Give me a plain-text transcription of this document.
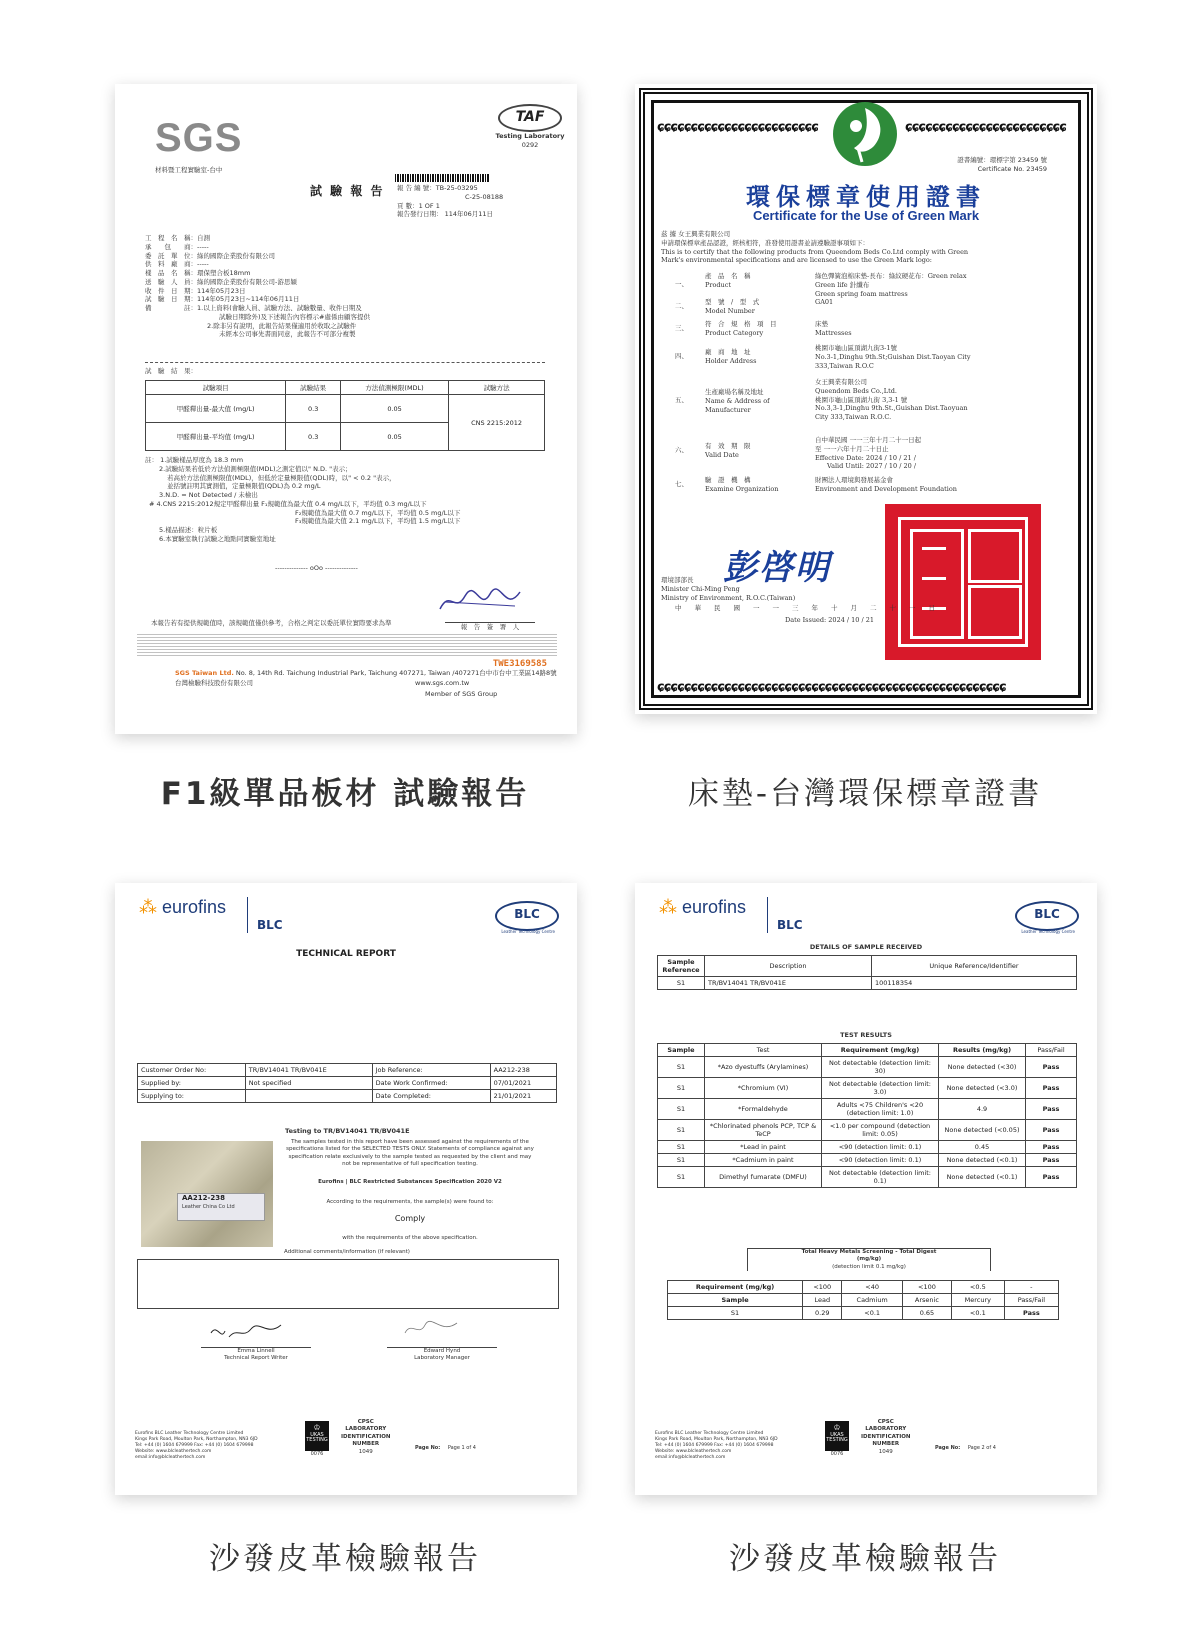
SGS	TAF
Testing Laboratory
0292
材料暨工程實驗室-台中
試 驗 報 告 報 告 編 號：TB-25-03295
C-25-08188
頁 數：1 OF 1
報告發行日期： 114年06月11日
工　程　名　稱：自測
承　　包　　商：-----
委　託　單　位：綠的國際企業股份有限公司
供　料　廠　商：-----
樣　品　名　稱：環保塑合板18mm
送　驗　人　員：綠的國際企業股份有限公司-游思穎
收　件　日　期：114年05月23日
試　驗　日　期：114年05月23日~114年06月11日
備　　　　　註：1.以上資料(會驗人員、試驗方法、試驗數量、收件日期及
試驗日期除外)及下述報告內容標示#處係由顧客提供
2.除非另有說明，此報告結果僅適用於收取之試驗件
未經本公司事先書面同意，此報告不可部分複製
試　驗　結　果：
試驗項目	試驗結果	方法偵測極限(MDL)	試驗方法
甲醛釋出量-最大值 (mg/L)	0.3	0.05	CNS 2215:2012
甲醛釋出量-平均值 (mg/L)	0.3	0.05	
註： 1.試驗樣品厚度為 18.3 mm
2.試驗結果若低於方法偵測極限值(MDL)之測定值以" N.D. "表示；
若高於方法偵測極限值(MDL)，但低於定量極限值(QDL)時，以" < 0.2 "表示，
並括號註明其實測值，定量極限值(QDL)為 0.2 mg/L
3.N.D. = Not Detected / 未檢出
# 4.CNS 2215:2012規定甲醛釋出量 F₁規範值為最大值 0.4 mg/L以下，平均值 0.3 mg/L以下
F₂規範值為最大值 0.7 mg/L以下，平均值 0.5 mg/L以下
F₃規範值為最大值 2.1 mg/L以下，平均值 1.5 mg/L以下
5.樣品描述：粒片板
6.本實驗室執行試驗之地點同實驗室地址
-------------- oOo --------------
報　告　簽　署　人
本報告若有提供規範值時，該規範值僅供參考，合格之判定以委託單位實際要求為準
TWE3169585
SGS Taiwan Ltd. No. 8, 14th Rd. Taichung Industrial Park, Taichung 407271, Taiwan /407271台中市台中工業區14路8號
台灣檢驗科技股份有限公司	www.sgs.com.tw
Member of SGS Group
F1級單品板材 試驗報告
ɕɕɕɕɕɕɕɕɕɕɕɕɕɕɕɕɕɕɕɕɕɕɕɕ	ɕɕɕɕɕɕɕɕɕɕɕɕɕɕɕɕɕɕɕɕɕɕɕɕ
ɕɕɕɕɕɕɕɕɕɕɕɕɕɕɕɕɕɕɕɕɕɕɕɕɕɕɕɕɕɕɕɕɕɕɕɕɕɕɕɕɕɕɕɕɕɕɕɕɕɕɕɕ
證書編號：環標字第 23459 號
Certificate No. 23459
環保標章使用證書
Certificate for the Use of Green Mark
茲 據 女王興業有限公司
申請環保標章產品認證，經核相符，准發使用證書並請遵驗證事項如下：
This is to certify that the following products from Queendom Beds Co.Ltd comply with Green
Mark's environmental specifications and are licensed to use the Green Mark logo:
一、
產　品　名　稱
Product
綠色彈簧泡棉床墊-長布：綠紋硬花布：Green relax
Green life 針纖布
Green spring foam mattress
二、	型　號　/　型　式
Model Number
GA01
三、	符　合　規　格　項　目
Product Category
床墊
Mattresses
四、	廠　商　地　址
Holder Address
桃園市龜山區頂湖九街3-1號
No.3-1,Dinghu 9th.St;Guishan Dist.Taoyan City
333,Taiwan R.O.C
五、
生產廠場名稱及地址
Name & Address of Manufacturer
女王興業有限公司
Queendom Beds Co.,Ltd.
桃園市龜山區頂湖九街 3,3-1 號
No.3,3-1,Dinghu 9th.St.,Guishan Dist.Taoyuan
City 333,Taiwan R.O.C.
六、	有　效　期　限
Valid Date
自中華民國 一一三年十月二十一日起
至 一一六年十月二十日止
Effective Date: 2024 / 10 / 21 /
Valid Until: 2027 / 10 / 20 /
七、	驗　證　機　構
Examine Organization
財團法人環境與發展基金會
Environment and Development Foundation
彭啓明
環境部部長
Minister Chi-Ming Peng
Ministry of Environment, R.O.C.(Taiwan)
中　　華　　民　　國　　一　　一　　三　　年　　十　　月　　二　　十　　一　　日
Date Issued: 2024 / 10 / 21
床墊-台灣環保標章證書
⁂ eurofins
BLC
BLC
Leather Technology Centre
TECHNICAL REPORT
Customer Order No:	TR/BV14041 TR/BV041E	Job Reference:	AA212-238
Supplied by:	Not specified	Date Work Confirmed:	07/01/2021
Supplying to:		Date Completed:	21/01/2021
Testing to TR/BV14041 TR/BV041E
AA212-238
Leather China Co Ltd
The samples tested in this report have been assessed against the requirements of the specifications listed for the SELECTED TESTS ONLY. Statements of compliance against any specification relate exclusively to the sample tested as requested by the client and may not be representative of full specification testing.
Eurofins | BLC Restricted Substances Specification 2020 V2
According to the requirements, the sample(s) were found to:
Comply
with the requirements of the above specification.
Additional comments/information (if relevant)
Emma Linnell
Technical Report Writer
Edward Hynd
Laboratory Manager
Eurofins BLC Leather Technology Centre Limited
Kings Park Road, Moulton Park, Northampton, NN3 6JD
Tel: +44 (0) 1604 679999 Fax: +44 (0) 1604 679998
Website: www.blcleathertech.com
email:info@blcleathertech.com
♔
UKAS
TESTING
0076
CPSC
LABORATORY
IDENTIFICATION
NUMBER
1049
Page No: Page 1 of 4
沙發皮革檢驗報告
⁂ eurofins
BLC
BLC
Leather Technology Centre
DETAILS OF SAMPLE RECEIVED
Sample Reference	Description	Unique Reference/Identifier
S1	TR/BV14041 TR/BV041E	100118354
TEST RESULTS
Sample	Test	Requirement (mg/kg)	Results (mg/kg)	Pass/Fail
S1	*Azo dyestuffs (Arylamines)	Not detectable (detection limit: 30)	None detected (<30)	Pass
S1	*Chromium (VI)	Not detectable (detection limit: 3.0)	None detected (<3.0)	Pass
S1	*Formaldehyde	Adults <75 Children's <20 (detection limit: 1.0)	4.9	Pass
S1	*Chlorinated phenols PCP, TCP & TeCP	<1.0 per compound (detection limit: 0.05)	None detected (<0.05)	Pass
S1	*Lead in paint	<90 (detection limit: 0.1)	0.45	Pass
S1	*Cadmium in paint	<90 (detection limit: 0.1)	None detected (<0.1)	Pass
S1	Dimethyl fumarate (DMFU)	Not detectable (detection limit: 0.1)	None detected (<0.1)	Pass
Total Heavy Metals Screening - Total Digest
(mg/kg)
(detection limit 0.1 mg/kg)
Requirement (mg/kg)	<100	<40	<100	<0.5	-
Sample	Lead	Cadmium	Arsenic	Mercury	Pass/Fail
S1	0.29	<0.1	0.65	<0.1	Pass
Eurofins BLC Leather Technology Centre Limited
Kings Park Road, Moulton Park, Northampton, NN3 6JD
Tel: +44 (0) 1604 679999 Fax: +44 (0) 1604 679998
Website: www.blcleathertech.com
email:info@blcleathertech.com
♔
UKAS
TESTING
0076
CPSC
LABORATORY
IDENTIFICATION
NUMBER
1049
Page No: Page 2 of 4
沙發皮革檢驗報告
